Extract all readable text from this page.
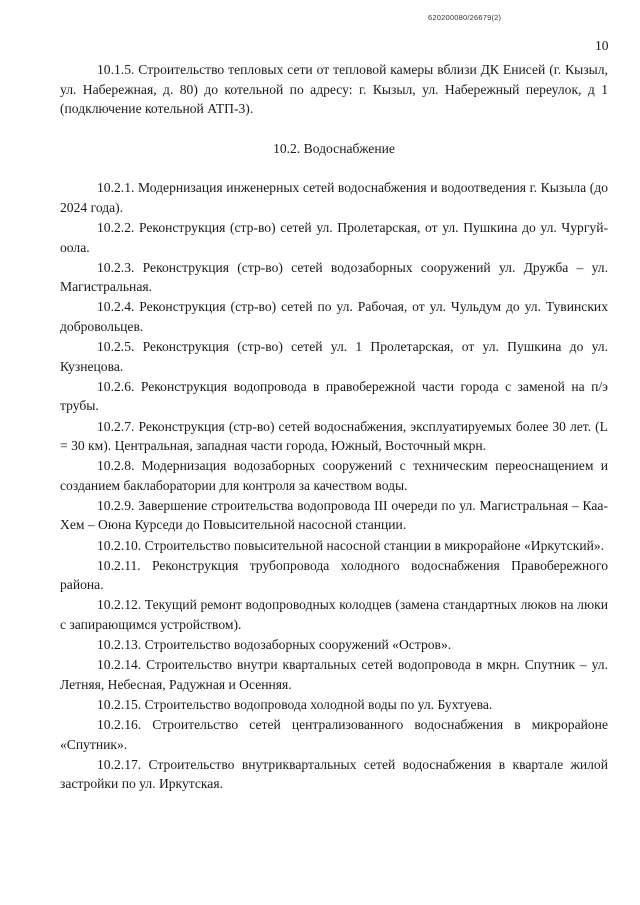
620200080/26679(2)
10

10.1.5. Строительство тепловых сети от тепловой камеры вблизи ДК Енисей (г. Кызыл, ул. Набережная, д. 80) до котельной по адресу: г. Кызыл, ул. Набережный переулок, д 1 (подключение котельной АТП-3).

10.2. Водоснабжение

10.2.1. Модернизация инженерных сетей водоснабжения и водоотведения г. Кызыла (до 2024 года).

10.2.2. Реконструкция (стр-во) сетей ул. Пролетарская, от ул. Пушкина до ул. Чургуй-оола.

10.2.3. Реконструкция (стр-во) сетей водозаборных сооружений ул. Дружба – ул. Магистральная.

10.2.4. Реконструкция (стр-во) сетей по ул. Рабочая, от ул. Чульдум до ул. Тувинских добровольцев.

10.2.5. Реконструкция (стр-во) сетей ул. 1 Пролетарская, от ул. Пушкина до ул. Кузнецова.

10.2.6. Реконструкция водопровода в правобережной части города с заменой на п/э трубы.

10.2.7. Реконструкция (стр-во) сетей водоснабжения, эксплуатируемых более 30 лет. (L = 30 км). Центральная, западная части города, Южный, Восточный мкрн.

10.2.8. Модернизация водозаборных сооружений с техническим переоснащением и созданием баклаборатории для контроля за качеством воды.

10.2.9. Завершение строительства водопровода III очереди по ул. Магистральная – Каа-Хем – Оюна Курседи до Повысительной насосной станции.

10.2.10. Строительство повысительной насосной станции в микрорайоне «Иркутский».

10.2.11. Реконструкция трубопровода холодного водоснабжения Правобережного района.

10.2.12. Текущий ремонт водопроводных колодцев (замена стандартных люков на люки с запирающимся устройством).

10.2.13. Строительство водозаборных сооружений «Остров».

10.2.14. Строительство внутри квартальных сетей водопровода в мкрн. Спутник – ул. Летняя, Небесная, Радужная и Осенняя.

10.2.15. Строительство водопровода холодной воды по ул. Бухтуева.

10.2.16. Строительство сетей централизованного водоснабжения в микрорайоне «Спутник».

10.2.17. Строительство внутриквартальных сетей водоснабжения в квартале жилой застройки по ул. Иркутская.
